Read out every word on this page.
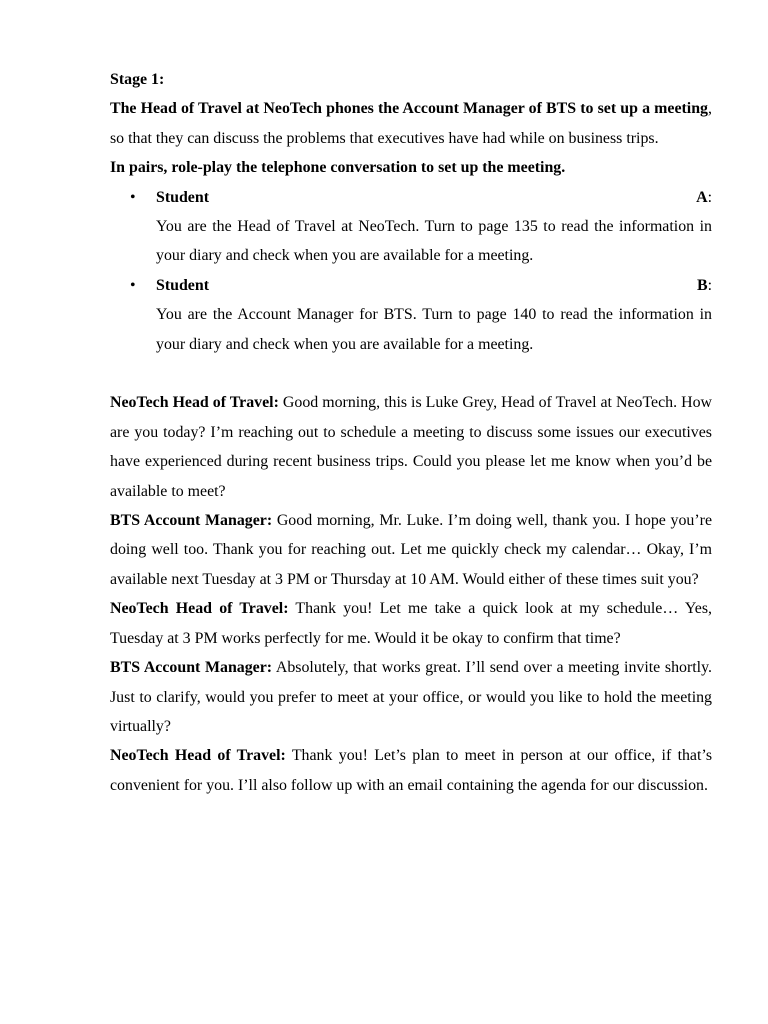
Stage 1:

The Head of Travel at NeoTech phones the Account Manager of BTS to set up a meeting, so that they can discuss the problems that executives have had while on business trips.

In pairs, role-play the telephone conversation to set up the meeting.

• Student	A:

You are the Head of Travel at NeoTech. Turn to page 135 to read the information in your diary and check when you are available for a meeting.

• Student	B:

You are the Account Manager for BTS. Turn to page 140 to read the information in your diary and check when you are available for a meeting.

NeoTech Head of Travel: Good morning, this is Luke Grey, Head of Travel at NeoTech. How are you today? I’m reaching out to schedule a meeting to discuss some issues our executives have experienced during recent business trips. Could you please let me know when you’d be available to meet?

BTS Account Manager: Good morning, Mr. Luke. I’m doing well, thank you. I hope you’re doing well too. Thank you for reaching out. Let me quickly check my calendar… Okay, I’m available next Tuesday at 3 PM or Thursday at 10 AM. Would either of these times suit you?

NeoTech Head of Travel: Thank you! Let me take a quick look at my schedule… Yes, Tuesday at 3 PM works perfectly for me. Would it be okay to confirm that time?

BTS Account Manager: Absolutely, that works great. I’ll send over a meeting invite shortly. Just to clarify, would you prefer to meet at your office, or would you like to hold the meeting virtually?

NeoTech Head of Travel: Thank you! Let’s plan to meet in person at our office, if that’s convenient for you. I’ll also follow up with an email containing the agenda for our discussion.
